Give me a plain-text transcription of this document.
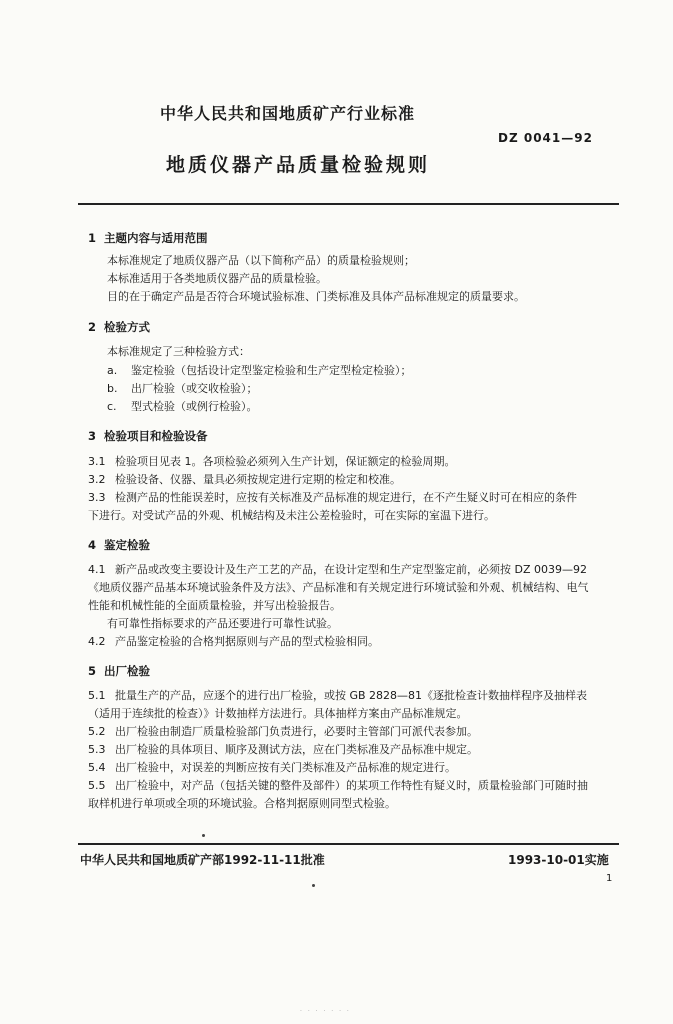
中华人民共和国地质矿产行业标准
DZ 0041—92
地质仪器产品质量检验规则
1 主题内容与适用范围
本标准规定了地质仪器产品（以下简称产品）的质量检验规则；
本标准适用于各类地质仪器产品的质量检验。
目的在于确定产品是否符合环境试验标准、门类标准及具体产品标准规定的质量要求。
2 检验方式
本标准规定了三种检验方式：
a. 鉴定检验（包括设计定型鉴定检验和生产定型检定检验）；
b. 出厂检验（或交收检验）；
c. 型式检验（或例行检验）。
3 检验项目和检验设备
3.1 检验项目见表 1。各项检验必须列入生产计划，保证额定的检验周期。
3.2 检验设备、仪器、量具必须按规定进行定期的检定和校准。
3.3 检测产品的性能误差时，应按有关标准及产品标准的规定进行，在不产生疑义时可在相应的条件
下进行。对受试产品的外观、机械结构及未注公差检验时，可在实际的室温下进行。
4 鉴定检验
4.1 新产品或改变主要设计及生产工艺的产品，在设计定型和生产定型鉴定前，必须按 DZ 0039—92
《地质仪器产品基本环境试验条件及方法》、产品标准和有关规定进行环境试验和外观、机械结构、电气
性能和机械性能的全面质量检验，并写出检验报告。
有可靠性指标要求的产品还要进行可靠性试验。
4.2 产品鉴定检验的合格判据原则与产品的型式检验相同。
5 出厂检验
5.1 批量生产的产品，应逐个的进行出厂检验，或按 GB 2828—81《逐批检查计数抽样程序及抽样表
（适用于连续批的检查）》计数抽样方法进行。具体抽样方案由产品标准规定。
5.2 出厂检验由制造厂质量检验部门负责进行，必要时主管部门可派代表参加。
5.3 出厂检验的具体项目、顺序及测试方法，应在门类标准及产品标准中规定。
5.4 出厂检验中，对误差的判断应按有关门类标准及产品标准的规定进行。
5.5 出厂检验中，对产品（包括关键的整件及部件）的某项工作特性有疑义时，质量检验部门可随时抽
取样机进行单项或全项的环境试验。合格判据原则同型式检验。
中华人民共和国地质矿产部1992-11-11批准	1993-10-01实施
1
· · · · · · ·
